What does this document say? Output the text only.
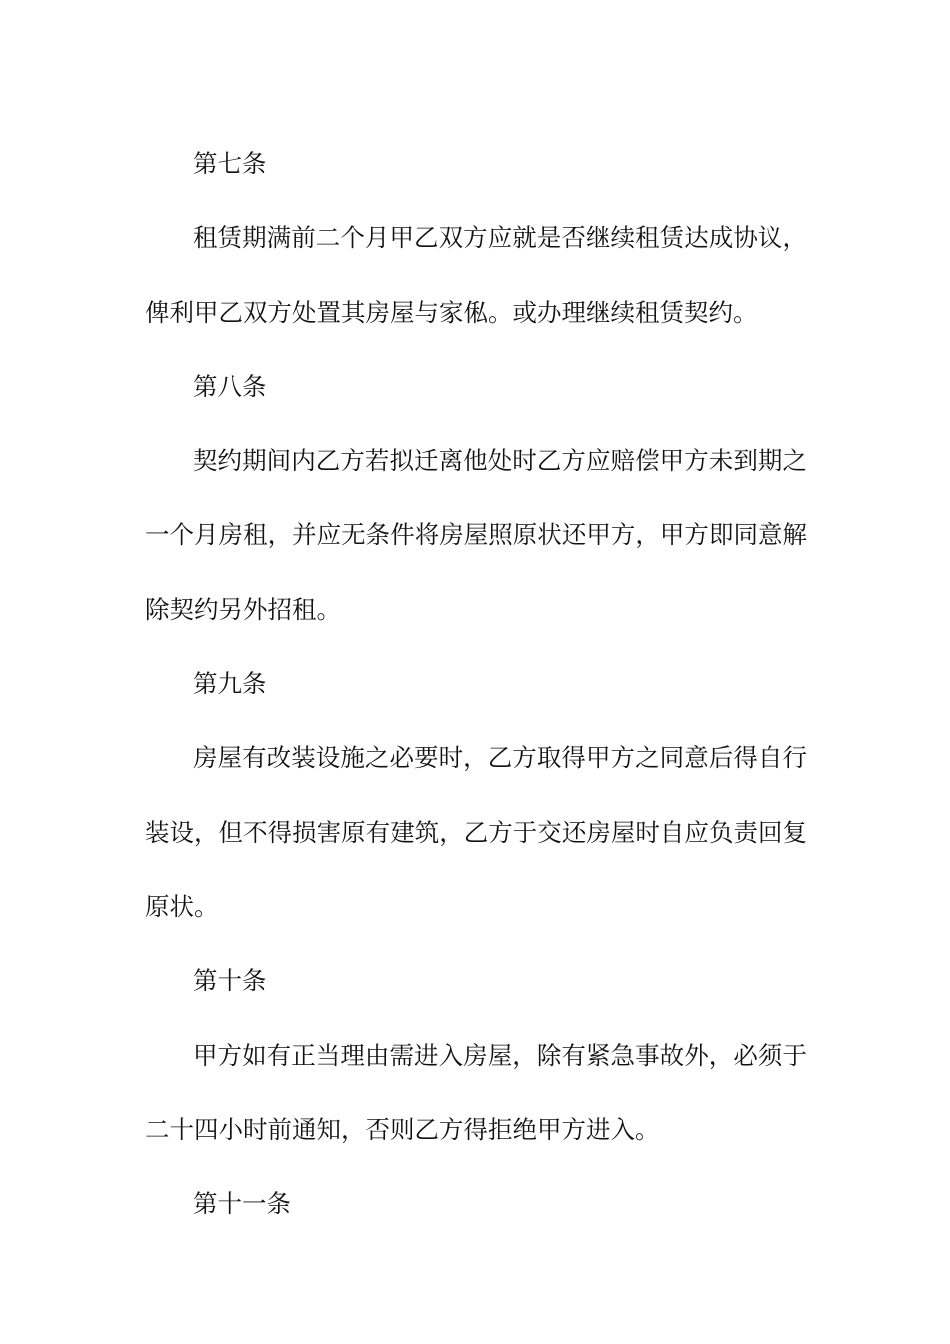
第七条

租赁期满前二个月甲乙双方应就是否继续租赁达成协议，俾利甲乙双方处置其房屋与家俬。或办理继续租赁契约。

第八条

契约期间内乙方若拟迁离他处时乙方应赔偿甲方未到期之一个月房租，并应无条件将房屋照原状还甲方，甲方即同意解除契约另外招租。

第九条

房屋有改装设施之必要时，乙方取得甲方之同意后得自行装设，但不得损害原有建筑，乙方于交还房屋时自应负责回复原状。

第十条

甲方如有正当理由需进入房屋，除有紧急事故外，必须于二十四小时前通知，否则乙方得拒绝甲方进入。

第十一条
